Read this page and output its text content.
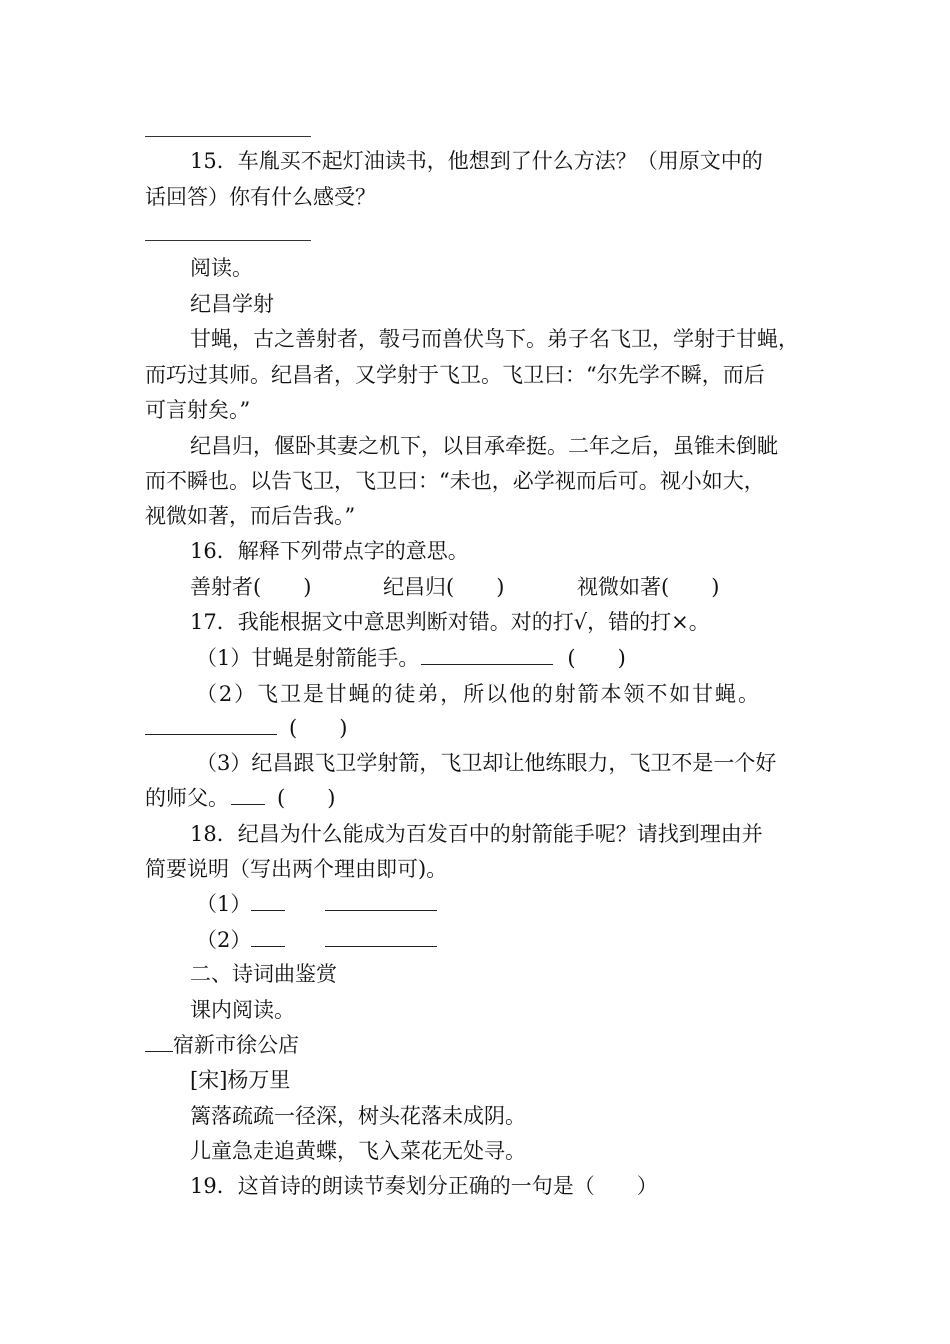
15．车胤买不起灯油读书，他想到了什么方法？（用原文中的
话回答）你有什么感受？
阅读。
纪昌学射
甘蝇，古之善射者，彀弓而兽伏鸟下。弟子名飞卫，学射于甘蝇，
而巧过其师。纪昌者，又学射于飞卫。飞卫曰：“尔先学不瞬，而后
可言射矣。”
纪昌归，偃卧其妻之机下，以目承牵挺。二年之后，虽锥未倒眦
而不瞬也。以告飞卫，飞卫曰：“未也，必学视而后可。视小如大，
视微如著，而后告我。”
16．解释下列带点字的意思。
善射者(　　)	纪昌归(　　)	视微如著(　　)
17．我能根据文中意思判断对错。对的打√，错的打×。
（1）甘蝇是射箭能手。	(　　)
（2）飞卫是甘蝇的徒弟，所以他的射箭本领不如甘蝇。
(　　)
（3）纪昌跟飞卫学射箭，飞卫却让他练眼力，飞卫不是一个好
的师父。 (　　)
18．纪昌为什么能成为百发百中的射箭能手呢？请找到理由并
简要说明（写出两个理由即可)。
（1）
（2）
二、诗词曲鉴赏
课内阅读。
宿新市徐公店
[宋]杨万里
篱落疏疏一径深，树头花落未成阴。
儿童急走追黄蝶，飞入菜花无处寻。
19．这首诗的朗读节奏划分正确的一句是（　　）
